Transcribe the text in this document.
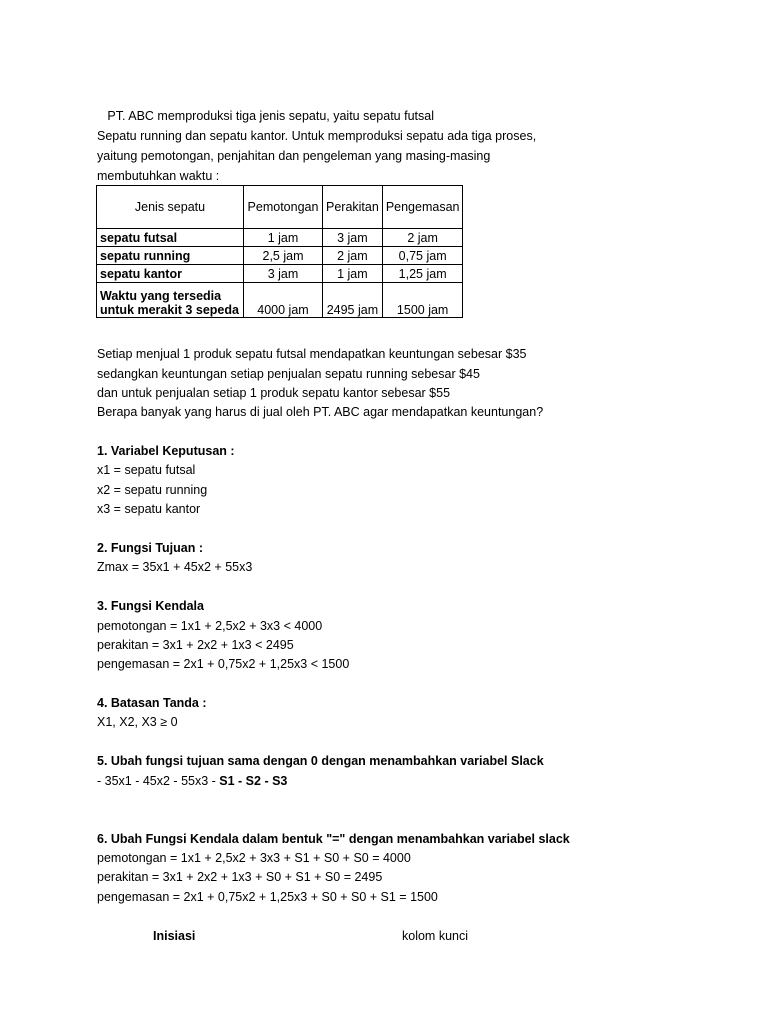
PT. ABC memproduksi tiga jenis sepatu, yaitu sepatu futsal
Sepatu running dan sepatu kantor. Untuk memproduksi sepatu ada tiga proses,
yaitung pemotongan, penjahitan dan pengeleman yang masing-masing
membutuhkan waktu :
Jenis sepatu	Pemotongan	Perakitan	Pengemasan
sepatu futsal	1 jam	3 jam	2 jam
sepatu running	2,5 jam	2 jam	0,75 jam
sepatu kantor	3 jam	1 jam	1,25 jam

Waktu yang tersedia
untuk merakit 3 sepeda	4000 jam	2495 jam	1500 jam
Setiap menjual 1 produk sepatu futsal mendapatkan keuntungan sebesar $35
sedangkan keuntungan setiap penjualan sepatu running sebesar $45
dan untuk penjualan setiap 1 produk sepatu kantor sebesar $55
Berapa banyak yang harus di jual oleh PT. ABC agar mendapatkan keuntungan?
1. Variabel Keputusan :
x1 = sepatu futsal
x2 = sepatu running
x3 = sepatu kantor
2. Fungsi Tujuan :
Zmax = 35x1 + 45x2 + 55x3
3. Fungsi Kendala
pemotongan = 1x1 + 2,5x2 + 3x3 < 4000
perakitan = 3x1 + 2x2 + 1x3 < 2495
pengemasan = 2x1 + 0,75x2 + 1,25x3 < 1500
4. Batasan Tanda :
X1, X2, X3 ≥ 0
5. Ubah fungsi tujuan sama dengan 0 dengan menambahkan variabel Slack
- 35x1 - 45x2 - 55x3 - S1 - S2 - S3
6. Ubah Fungsi Kendala dalam bentuk "=" dengan menambahkan variabel slack
pemotongan = 1x1 + 2,5x2 + 3x3 + S1 + S0 + S0 = 4000
perakitan = 3x1 + 2x2 + 1x3 + S0 + S1 + S0 = 2495
pengemasan = 2x1 + 0,75x2 + 1,25x3 + S0 + S0 + S1 = 1500
Inisiasi	kolom kunci
